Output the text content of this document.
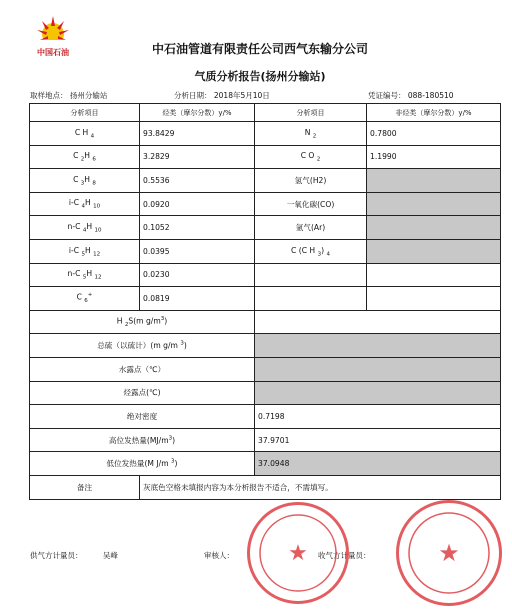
中国石油	中石油管道有限责任公司西气东输分公司
气质分析报告(扬州分输站)
取样地点： 扬州分输站	分析日期： 2018年5月10日	凭证编号： 088-180510
分析项目	烃类（摩尔分数）y/%	分析项目	非烃类（摩尔分数）y/%
C H $_4$	93.8429	N $_2$	0.7800
C $_2$H $_6$	3.2829	C O $_2$	1.1990
C $_3$H $_8$	0.5536	氢气(H2)	
i-C $_4$H $_{10}$	0.0920	一氧化碳(CO)	
n-C $_4$H $_{10}$	0.1052	氩气(Ar)	
i-C $_5$H $_{12}$	0.0395	C (C H $_3$) $_4$	
n-C $_5$H $_{12}$	0.0230		
C $_6$+	0.0819		
H $_2$S(m $g/m^3$)			
总硫（以硫计）(m g/m $^3$)			
水露点（℃）			
烃露点(℃)			
绝对密度		0.7198	
高位发热量$(MJ/m^3)$		37.9701	
低位发热量(M J/m $^3$)		37.0948	
备注	灰底色空格未填报内容为本分析报告不适合，不需填写。		
供气方计量员：	吴峰	审核人：	收气方计量员：
★	★
